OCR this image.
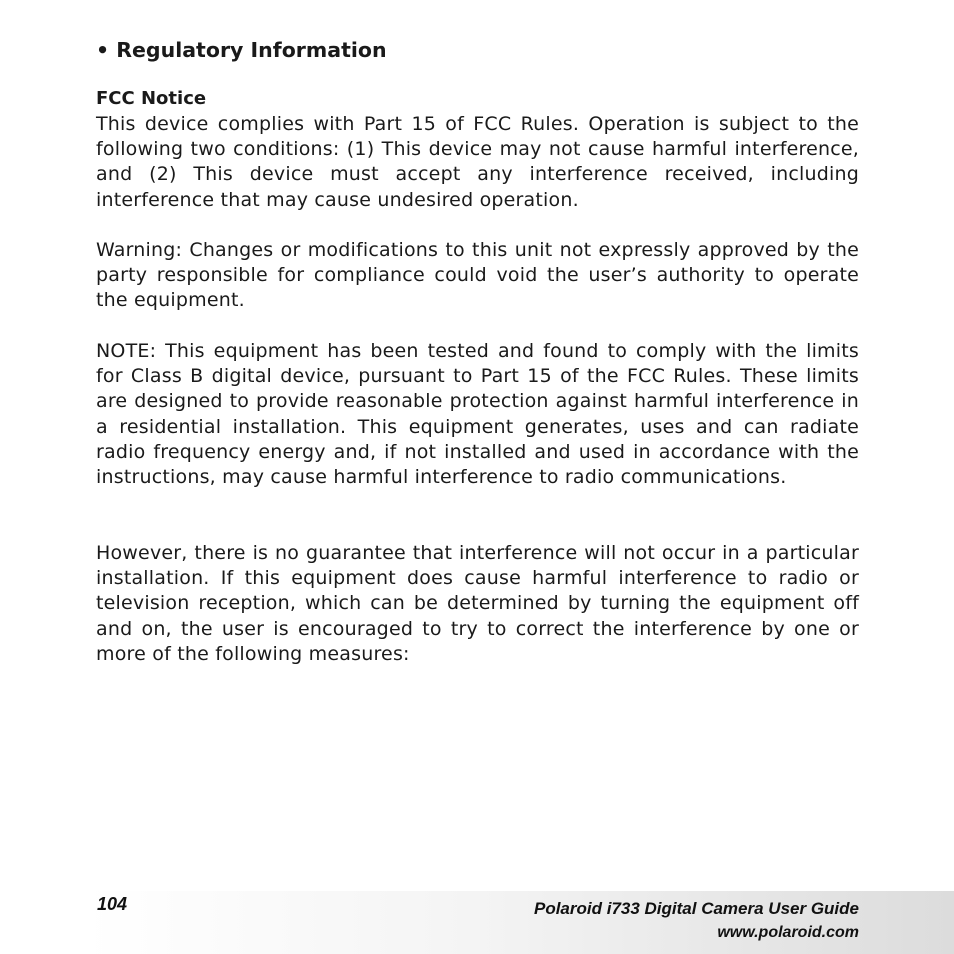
• Regulatory Information
FCC Notice

This device complies with Part 15 of FCC Rules. Operation is subject to the following two conditions: (1) This device may not cause harmful interference, and (2) This device must accept any interference received, including interference that may cause undesired operation.

Warning: Changes or modifications to this unit not expressly approved by the party responsible for compliance could void the user’s authority to operate the equipment.

NOTE: This equipment has been tested and found to comply with the limits for Class B digital device, pursuant to Part 15 of the FCC Rules. These limits are designed to provide reasonable protection against harmful interference in a residential installation. This equipment generates, uses and can radiate radio frequency energy and, if not installed and used in accordance with the instructions, may cause harmful interference to radio communications.

However, there is no guarantee that interference will not occur in a particular installation. If this equipment does cause harmful interference to radio or television reception, which can be determined by turning the equipment off and on, the user is encouraged to try to correct the interference by one or more of the following measures:

104	Polaroid i733 Digital Camera User Guide
www.polaroid.com
